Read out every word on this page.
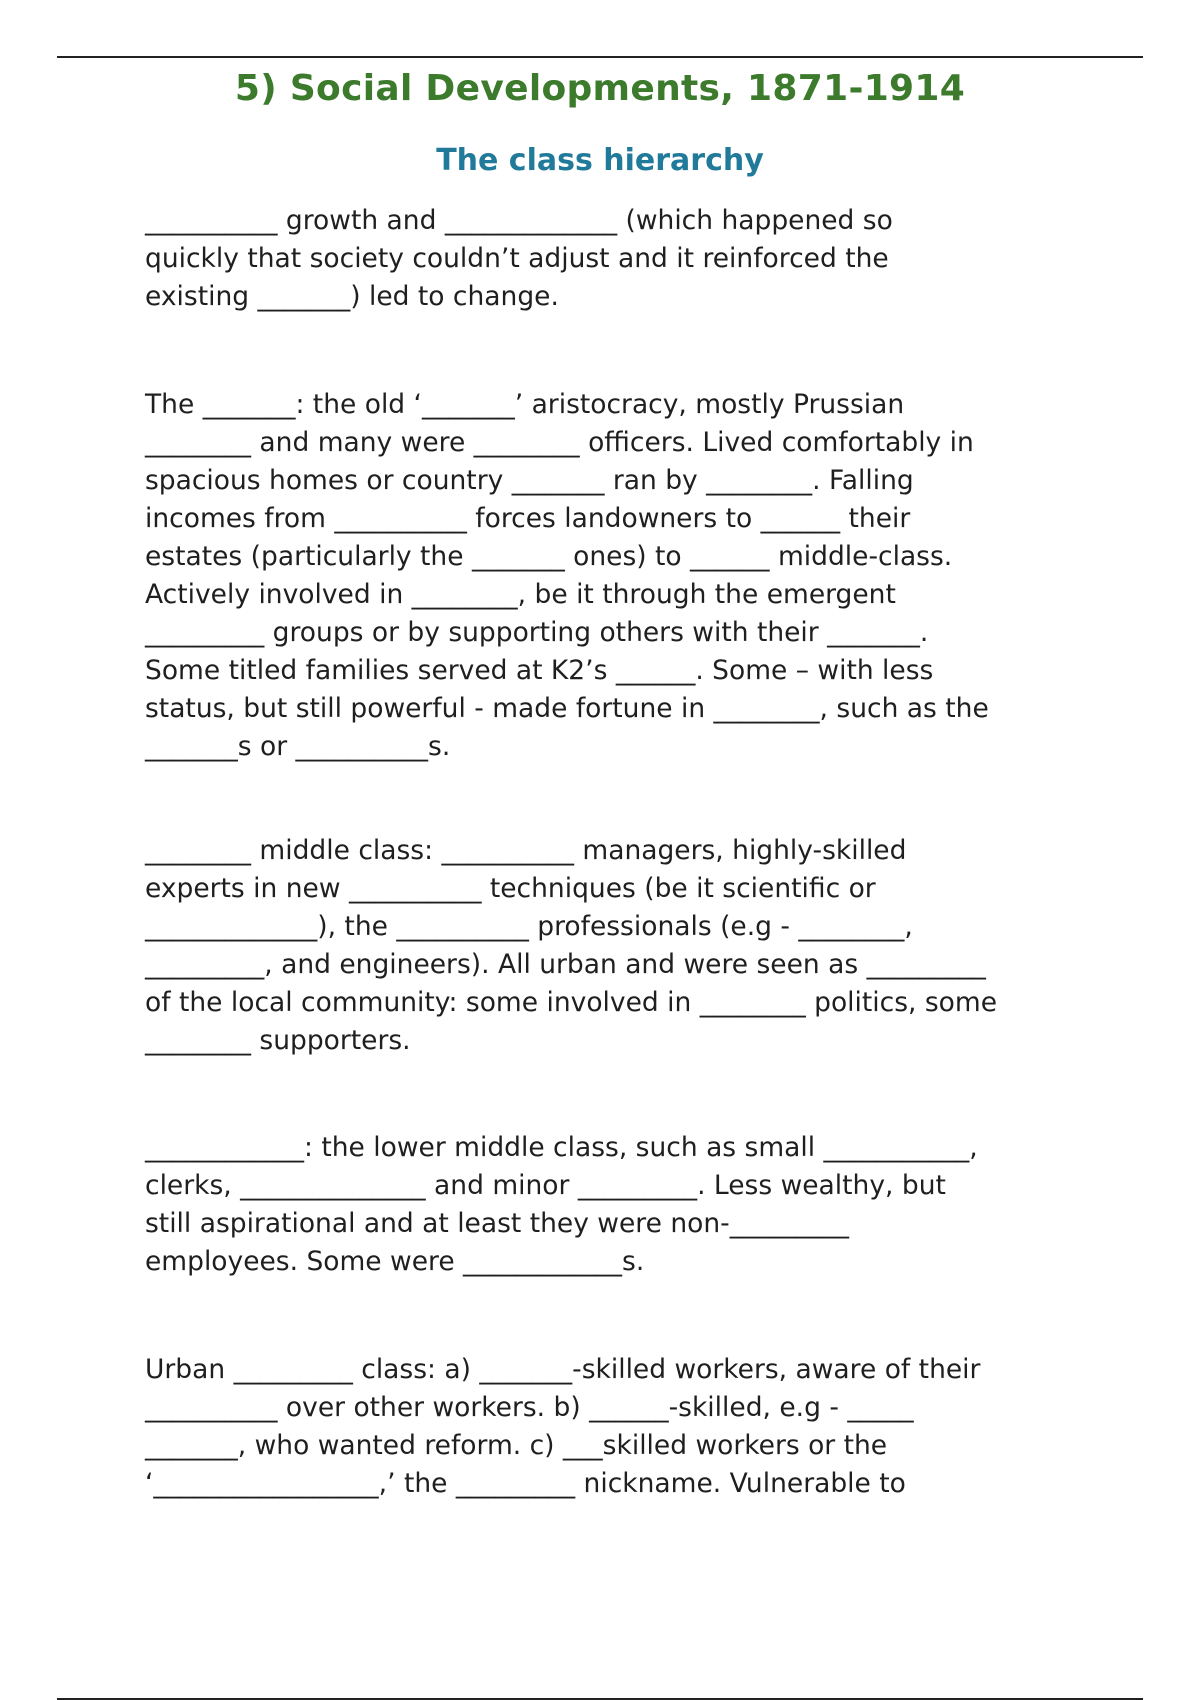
5) Social Developments, 1871-1914
The class hierarchy

__________ growth and _____________ (which happened so
quickly that society couldn’t adjust and it reinforced the
existing _______) led to change.

The _______: the old ‘_______’ aristocracy, mostly Prussian
________ and many were ________ officers. Lived comfortably in
spacious homes or country _______ ran by ________. Falling
incomes from __________ forces landowners to ______ their
estates (particularly the _______ ones) to ______ middle-class.
Actively involved in ________, be it through the emergent
_________ groups or by supporting others with their _______.
Some titled families served at K2’s ______. Some – with less
status, but still powerful - made fortune in ________, such as the
_______s or __________s.

________ middle class: __________ managers, highly-skilled
experts in new __________ techniques (be it scientific or
_____________), the __________ professionals (e.g - ________,
_________, and engineers). All urban and were seen as _________
of the local community: some involved in ________ politics, some
________ supporters.

____________: the lower middle class, such as small ___________,
clerks, ______________ and minor _________. Less wealthy, but
still aspirational and at least they were non-_________
employees. Some were ____________s.

Urban _________ class: a) _______-skilled workers, aware of their
__________ over other workers. b) ______-skilled, e.g - _____
_______, who wanted reform. c) ___skilled workers or the
‘_________________,’ the _________ nickname. Vulnerable to
